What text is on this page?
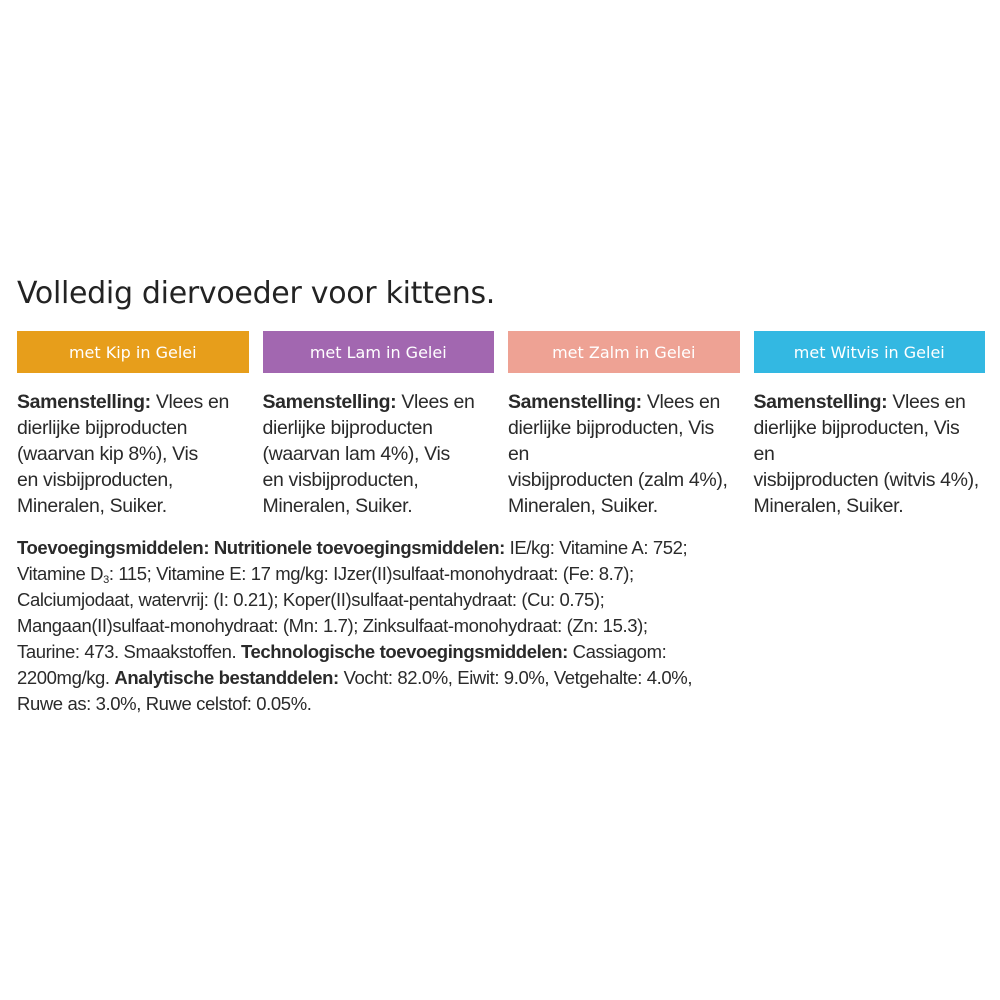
Volledig diervoeder voor kittens.
met Kip in Gelei
Samenstelling: Vlees en
dierlijke bijproducten
(waarvan kip 8%), Vis
en visbijproducten,
Mineralen, Suiker.
met Lam in Gelei
Samenstelling: Vlees en
dierlijke bijproducten
(waarvan lam 4%), Vis
en visbijproducten,
Mineralen, Suiker.
met Zalm in Gelei
Samenstelling: Vlees en
dierlijke bijproducten, Vis en
visbijproducten (zalm 4%),
Mineralen, Suiker.
met Witvis in Gelei
Samenstelling: Vlees en
dierlijke bijproducten, Vis en
visbijproducten (witvis 4%),
Mineralen, Suiker.

Toevoegingsmiddelen: Nutritionele toevoegingsmiddelen: IE/kg: Vitamine A: 752;

Vitamine $D_3$: 115; Vitamine E: 17 mg/kg: IJzer(II)sulfaat-monohydraat: (Fe: 8.7);

Calciumjodaat, watervrij: (I: 0.21); Koper(II)sulfaat-pentahydraat: (Cu: 0.75);

Mangaan(II)sulfaat-monohydraat: (Mn: 1.7); Zinksulfaat-monohydraat: (Zn: 15.3);

Taurine: 473. Smaakstoffen. Technologische toevoegingsmiddelen: Cassiagom:

2200mg/kg. Analytische bestanddelen: Vocht: 82.0%, Eiwit: 9.0%, Vetgehalte: 4.0%,

Ruwe as: 3.0%, Ruwe celstof: 0.05%.
